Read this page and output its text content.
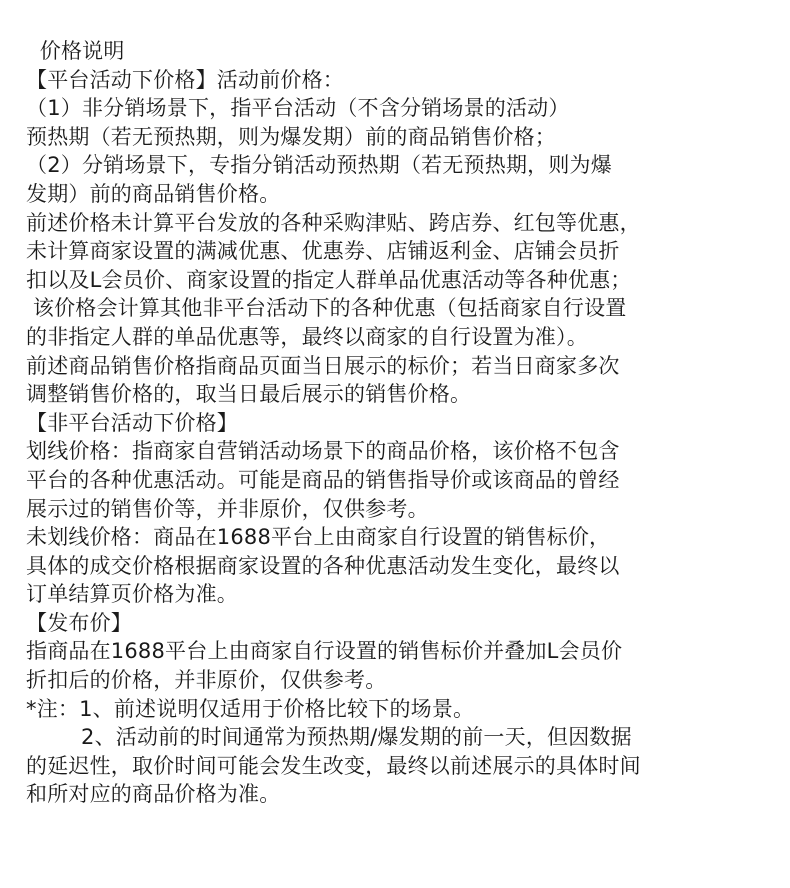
价格说明
【平台活动下价格】活动前价格：
（1）非分销场景下，指平台活动（不含分销场景的活动）
预热期（若无预热期，则为爆发期）前的商品销售价格；
（2）分销场景下，专指分销活动预热期（若无预热期，则为爆
发期）前的商品销售价格。
前述价格未计算平台发放的各种采购津贴、跨店券、红包等优惠，
未计算商家设置的满减优惠、优惠券、店铺返利金、店铺会员折
扣以及L会员价、商家设置的指定人群单品优惠活动等各种优惠；
该价格会计算其他非平台活动下的各种优惠（包括商家自行设置
的非指定人群的单品优惠等，最终以商家的自行设置为准）。
前述商品销售价格指商品页面当日展示的标价；若当日商家多次
调整销售价格的，取当日最后展示的销售价格。
【非平台活动下价格】
划线价格：指商家自营销活动场景下的商品价格，该价格不包含
平台的各种优惠活动。可能是商品的销售指导价或该商品的曾经
展示过的销售价等，并非原价，仅供参考。
未划线价格：商品在1688平台上由商家自行设置的销售标价，
具体的成交价格根据商家设置的各种优惠活动发生变化，最终以
订单结算页价格为准。
【发布价】
指商品在1688平台上由商家自行设置的销售标价并叠加L会员价
折扣后的价格，并非原价，仅供参考。
*注：1、前述说明仅适用于价格比较下的场景。
2、活动前的时间通常为预热期/爆发期的前一天，但因数据
的延迟性，取价时间可能会发生改变，最终以前述展示的具体时间
和所对应的商品价格为准。
